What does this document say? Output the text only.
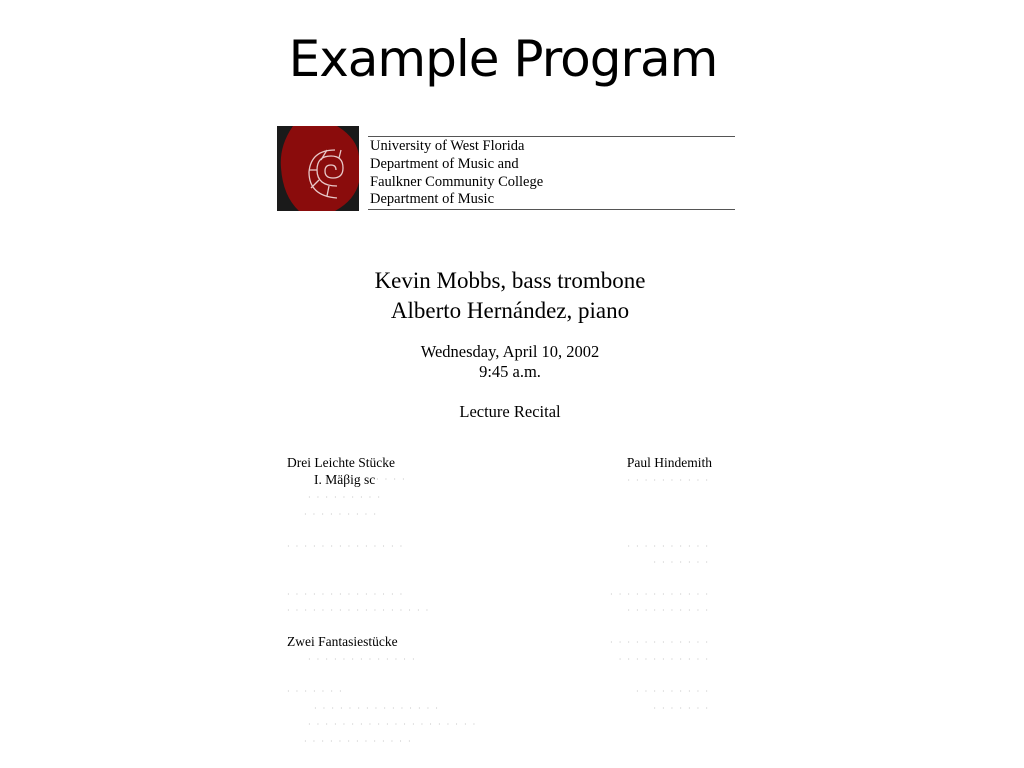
Example Program
University of West Florida
Department of Music and
Faulkner Community College
Department of Music
Kevin Mobbs, bass trombone
Alberto Hernández, piano
Wednesday, April 10, 2002
9:45 a.m.
Lecture Recital
Drei Leichte Stücke	Paul Hindemith
I. Mäβig sc · · · ·	· · · · · · · · · ·
· · · · · · · · ·
· · · · · · · · ·
· · · · · · · · · · · · · ·	· · · · · · · · · ·
· · · · · · ·
· · · · · · · · · · · · · ·	· · · · · · · · · · · ·
· · · · · · · · · · · · · · · · ·	· · · · · · · · · ·
Zwei Fantasiestücke	· · · · · · · · · · · ·
· · · · · · · · · · · · ·	· · · · · · · · · · ·
· · · · · · ·	· · · · · · · · ·
· · · · · · · · · · · · · · ·	· · · · · · ·
· · · · · · · · · · · · · · · · · · · ·
· · · · · · · · · · · · ·
